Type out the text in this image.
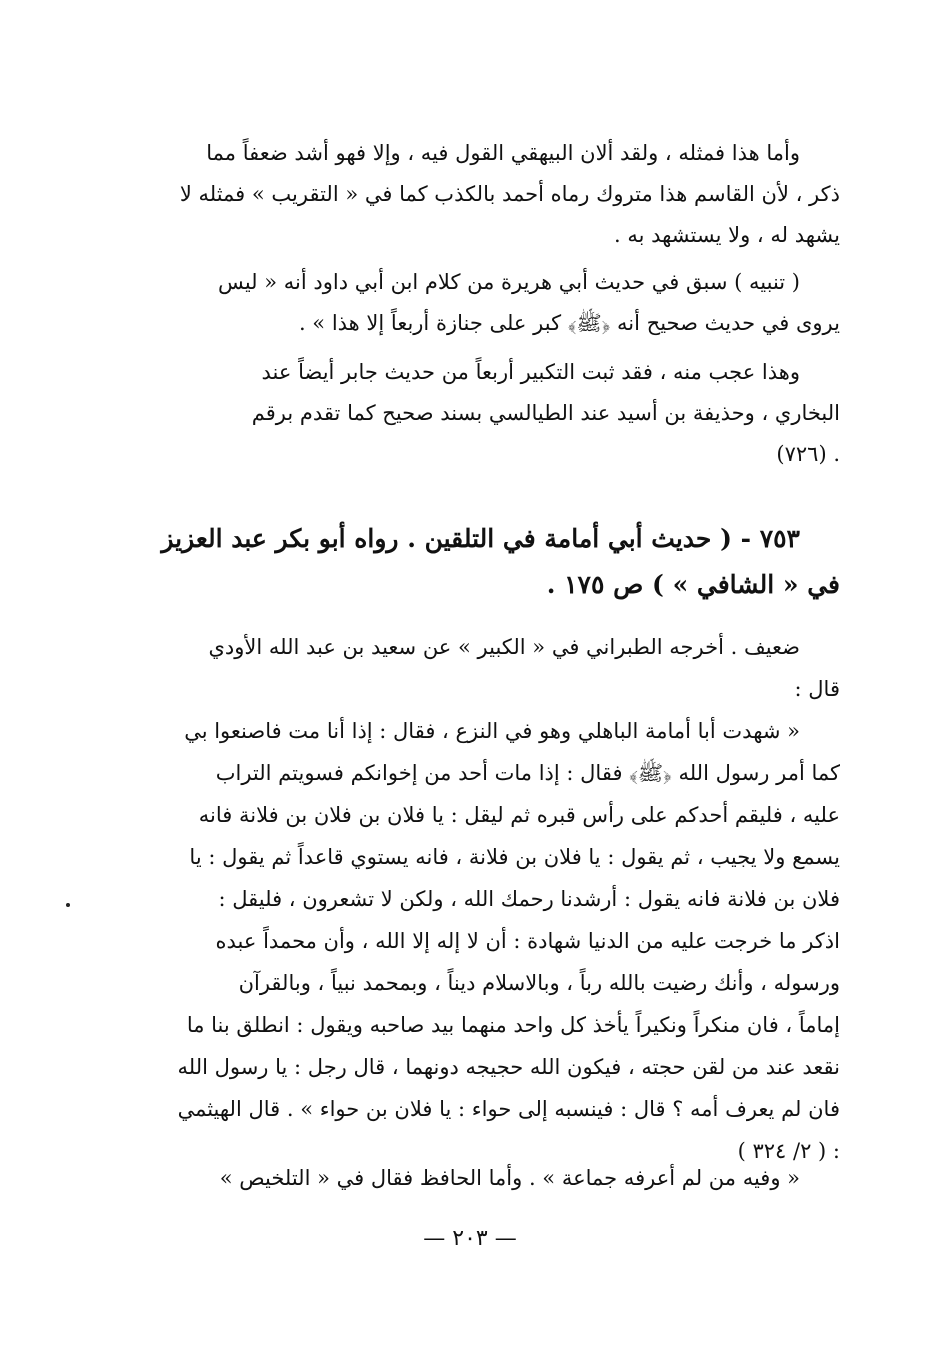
وأما هذا فمثله ، ولقد ألان البيهقي القول فيه ، وإلا فهو أشد ضعفاً مما
ذكر ، لأن القاسم هذا متروك رماه أحمد بالكذب كما في « التقريب » فمثله لا
يشهد له ، ولا يستشهد به .
( تنبيه ) سبق في حديث أبي هريرة من كلام ابن أبي داود أنه « ليس
يروى في حديث صحيح أنه ﴿ﷺ﴾ كبر على جنازة أربعاً إلا هذا » .
وهذا عجب منه ، فقد ثبت التكبير أربعاً من حديث جابر أيضاً عند
البخاري ، وحذيفة بن أسيد عند الطيالسي بسند صحيح كما تقدم برقم
. (٧٢٦)
٧٥٣ - ( حديث أبي أمامة في التلقين . رواه أبو بكر عبد العزيز
في « الشافي » ) ص ١٧٥ .
ضعيف . أخرجه الطبراني في « الكبير » عن سعيد بن عبد الله الأودي
قال :
« شهدت أبا أمامة الباهلي وهو في النزع ، فقال : إذا أنا مت فاصنعوا بي
كما أمر رسول الله ﴿ﷺ﴾ فقال : إذا مات أحد من إخوانكم فسويتم التراب
عليه ، فليقم أحدكم على رأس قبره ثم ليقل : يا فلان بن فلان بن فلانة فانه
يسمع ولا يجيب ، ثم يقول : يا فلان بن فلانة ، فانه يستوي قاعداً ثم يقول : يا
فلان بن فلانة فانه يقول : أرشدنا رحمك الله ، ولكن لا تشعرون ، فليقل :
اذكر ما خرجت عليه من الدنيا شهادة : أن لا إله إلا الله ، وأن محمداً عبده
ورسوله ، وأنك رضيت بالله رباً ، وبالاسلام ديناً ، وبمحمد نبياً ، وبالقرآن
إماماً ، فان منكراً ونكيراً يأخذ كل واحد منهما بيد صاحبه ويقول : انطلق بنا ما
نقعد عند من لقن حجته ، فيكون الله حجيجه دونهما ، قال رجل : يا رسول الله
فان لم يعرف أمه ؟ قال : فينسبه إلى حواء : يا فلان بن حواء » . قال الهيثمي
: ( ٢/ ٣٢٤ )
« وفيه من لم أعرفه جماعة » . وأما الحافظ فقال في « التلخيص »
— ٢٠٣ —
